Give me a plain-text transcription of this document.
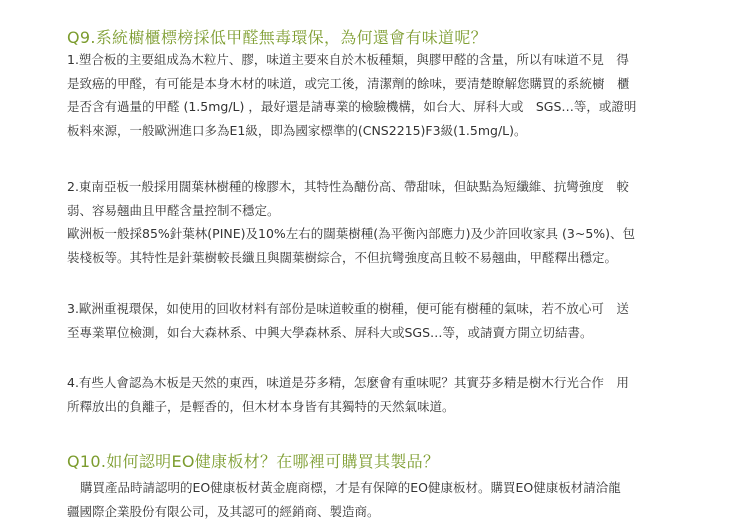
Q9.系統櫥櫃標榜採低甲醛無毒環保，為何還會有味道呢？

1.塑合板的主要組成為木粒片、膠，味道主要來自於木板種類，與膠甲醛的含量，所以有味道不見　得
是致癌的甲醛，有可能是本身木材的味道，或完工後，清潔劑的餘味，要清楚瞭解您購買的系統櫥　櫃
是否含有過量的甲醛 (1.5mg/L) ，最好還是請專業的檢驗機構，如台大、屏科大或　SGS…等，或證明
板料來源，一般歐洲進口多為E1級，即為國家標準的(CNS2215)F3級(1.5mg/L)。

2.東南亞板一般採用闊葉林樹種的橡膠木，其特性為醣份高、帶甜味，但缺點為短纖維、抗彎強度　較
弱、容易翹曲且甲醛含量控制不穩定。
歐洲板一般採85%針葉林(PINE)及10%左右的闊葉樹種(為平衡內部應力)及少許回收家具 (3~5%)、包
裝棧板等。其特性是針葉樹較長纖且與闊葉樹綜合，不但抗彎強度高且較不易翹曲，甲醛釋出穩定。

3.歐洲重視環保，如使用的回收材料有部份是味道較重的樹種，便可能有樹種的氣味，若不放心可　送
至專業單位檢測，如台大森林系、中興大學森林系、屏科大或SGS…等，或請賣方開立切結書。

4.有些人會認為木板是天然的東西，味道是芬多精，怎麼會有重味呢？其實芬多精是樹木行光合作　用
所釋放出的負離子，是輕香的，但木材本身皆有其獨特的天然氣味道。

Q10.如何認明EO健康板材？在哪裡可購買其製品？

購買產品時請認明的EO健康板材黃金鹿商標，才是有保障的EO健康板材。購買EO健康板材請洽龍
疆國際企業股份有限公司，及其認可的經銷商、製造商。
